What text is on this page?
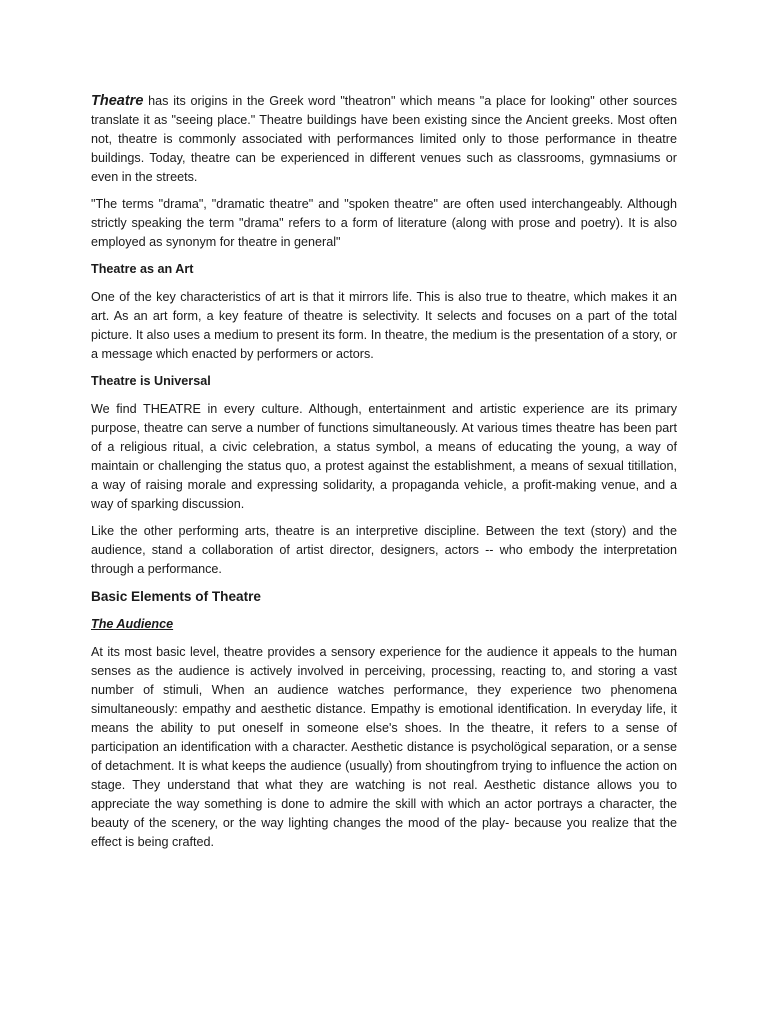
Theatre has its origins in the Greek word "theatron" which means "a place for looking" other sources translate it as "seeing place." Theatre buildings have been existing since the Ancient greeks. Most often not, theatre is commonly associated with performances limited only to those performance in theatre buildings. Today, theatre can be experienced in different venues such as classrooms, gymnasiums or even in the streets.

"The terms "drama", "dramatic theatre" and "spoken theatre" are often used interchangeably. Although strictly speaking the term "drama" refers to a form of literature (along with prose and poetry). It is also employed as synonym for theatre in general"

Theatre as an Art

One of the key characteristics of art is that it mirrors life. This is also true to theatre, which makes it an art. As an art form, a key feature of theatre is selectivity. It selects and focuses on a part of the total picture. It also uses a medium to present its form. In theatre, the medium is the presentation of a story, or a message which enacted by performers or actors.

Theatre is Universal

We find THEATRE in every culture. Although, entertainment and artistic experience are its primary purpose, theatre can serve a number of functions simultaneously. At various times theatre has been part of a religious ritual, a civic celebration, a status symbol, a means of educating the young, a way of maintain or challenging the status quo, a protest against the establishment, a means of sexual titillation, a way of raising morale and expressing solidarity, a propaganda vehicle, a profit-making venue, and a way of sparking discussion.

Like the other performing arts, theatre is an interpretive discipline. Between the text (story) and the audience, stand a collaboration of artist director, designers, actors -- who embody the interpretation through a performance.

Basic Elements of Theatre

The Audience

At its most basic level, theatre provides a sensory experience for the audience it appeals to the human senses as the audience is actively involved in perceiving, processing, reacting to, and storing a vast number of stimuli, When an audience watches performance, they experience two phenomena simultaneously: empathy and aesthetic distance. Empathy is emotional identification. In everyday life, it means the ability to put oneself in someone else's shoes. In the theatre, it refers to a sense of participation an identification with a character. Aesthetic distance is psycholögical separation, or a sense of detachment. It is what keeps the audience (usually) from shoutingfrom trying to influence the action on stage. They understand that what they are watching is not real. Aesthetic distance allows you to appreciate the way something is done to admire the skill with which an actor portrays a character, the beauty of the scenery, or the way lighting changes the mood of the play- because you realize that the effect is being crafted.
